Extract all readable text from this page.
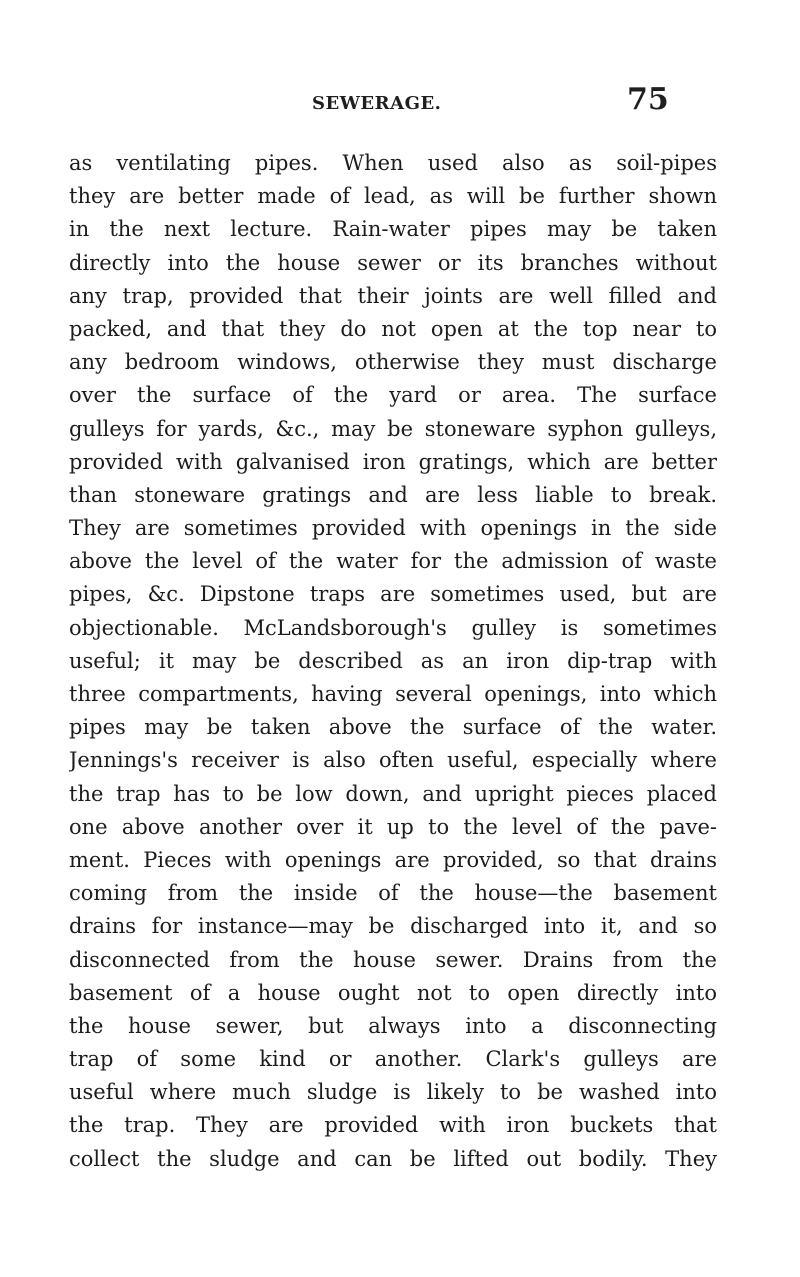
SEWERAGE.	75
as ventilating pipes. When used also as soil-pipes
they are better made of lead, as will be further shown
in the next lecture. Rain-water pipes may be taken
directly into the house sewer or its branches without
any trap, provided that their joints are well filled and
packed, and that they do not open at the top near to
any bedroom windows, otherwise they must discharge
over the surface of the yard or area. The surface
gulleys for yards, &c., may be stoneware syphon gulleys,
provided with galvanised iron gratings, which are better
than stoneware gratings and are less liable to break.
They are sometimes provided with openings in the side
above the level of the water for the admission of waste
pipes, &c. Dipstone traps are sometimes used, but are
objectionable. McLandsborough's gulley is sometimes
useful; it may be described as an iron dip-trap with
three compartments, having several openings, into which
pipes may be taken above the surface of the water.
Jennings's receiver is also often useful, especially where
the trap has to be low down, and upright pieces placed
one above another over it up to the level of the pave-
ment. Pieces with openings are provided, so that drains
coming from the inside of the house—the basement
drains for instance—may be discharged into it, and so
disconnected from the house sewer. Drains from the
basement of a house ought not to open directly into
the house sewer, but always into a disconnecting
trap of some kind or another. Clark's gulleys are
useful where much sludge is likely to be washed into
the trap. They are provided with iron buckets that
collect the sludge and can be lifted out bodily. They
